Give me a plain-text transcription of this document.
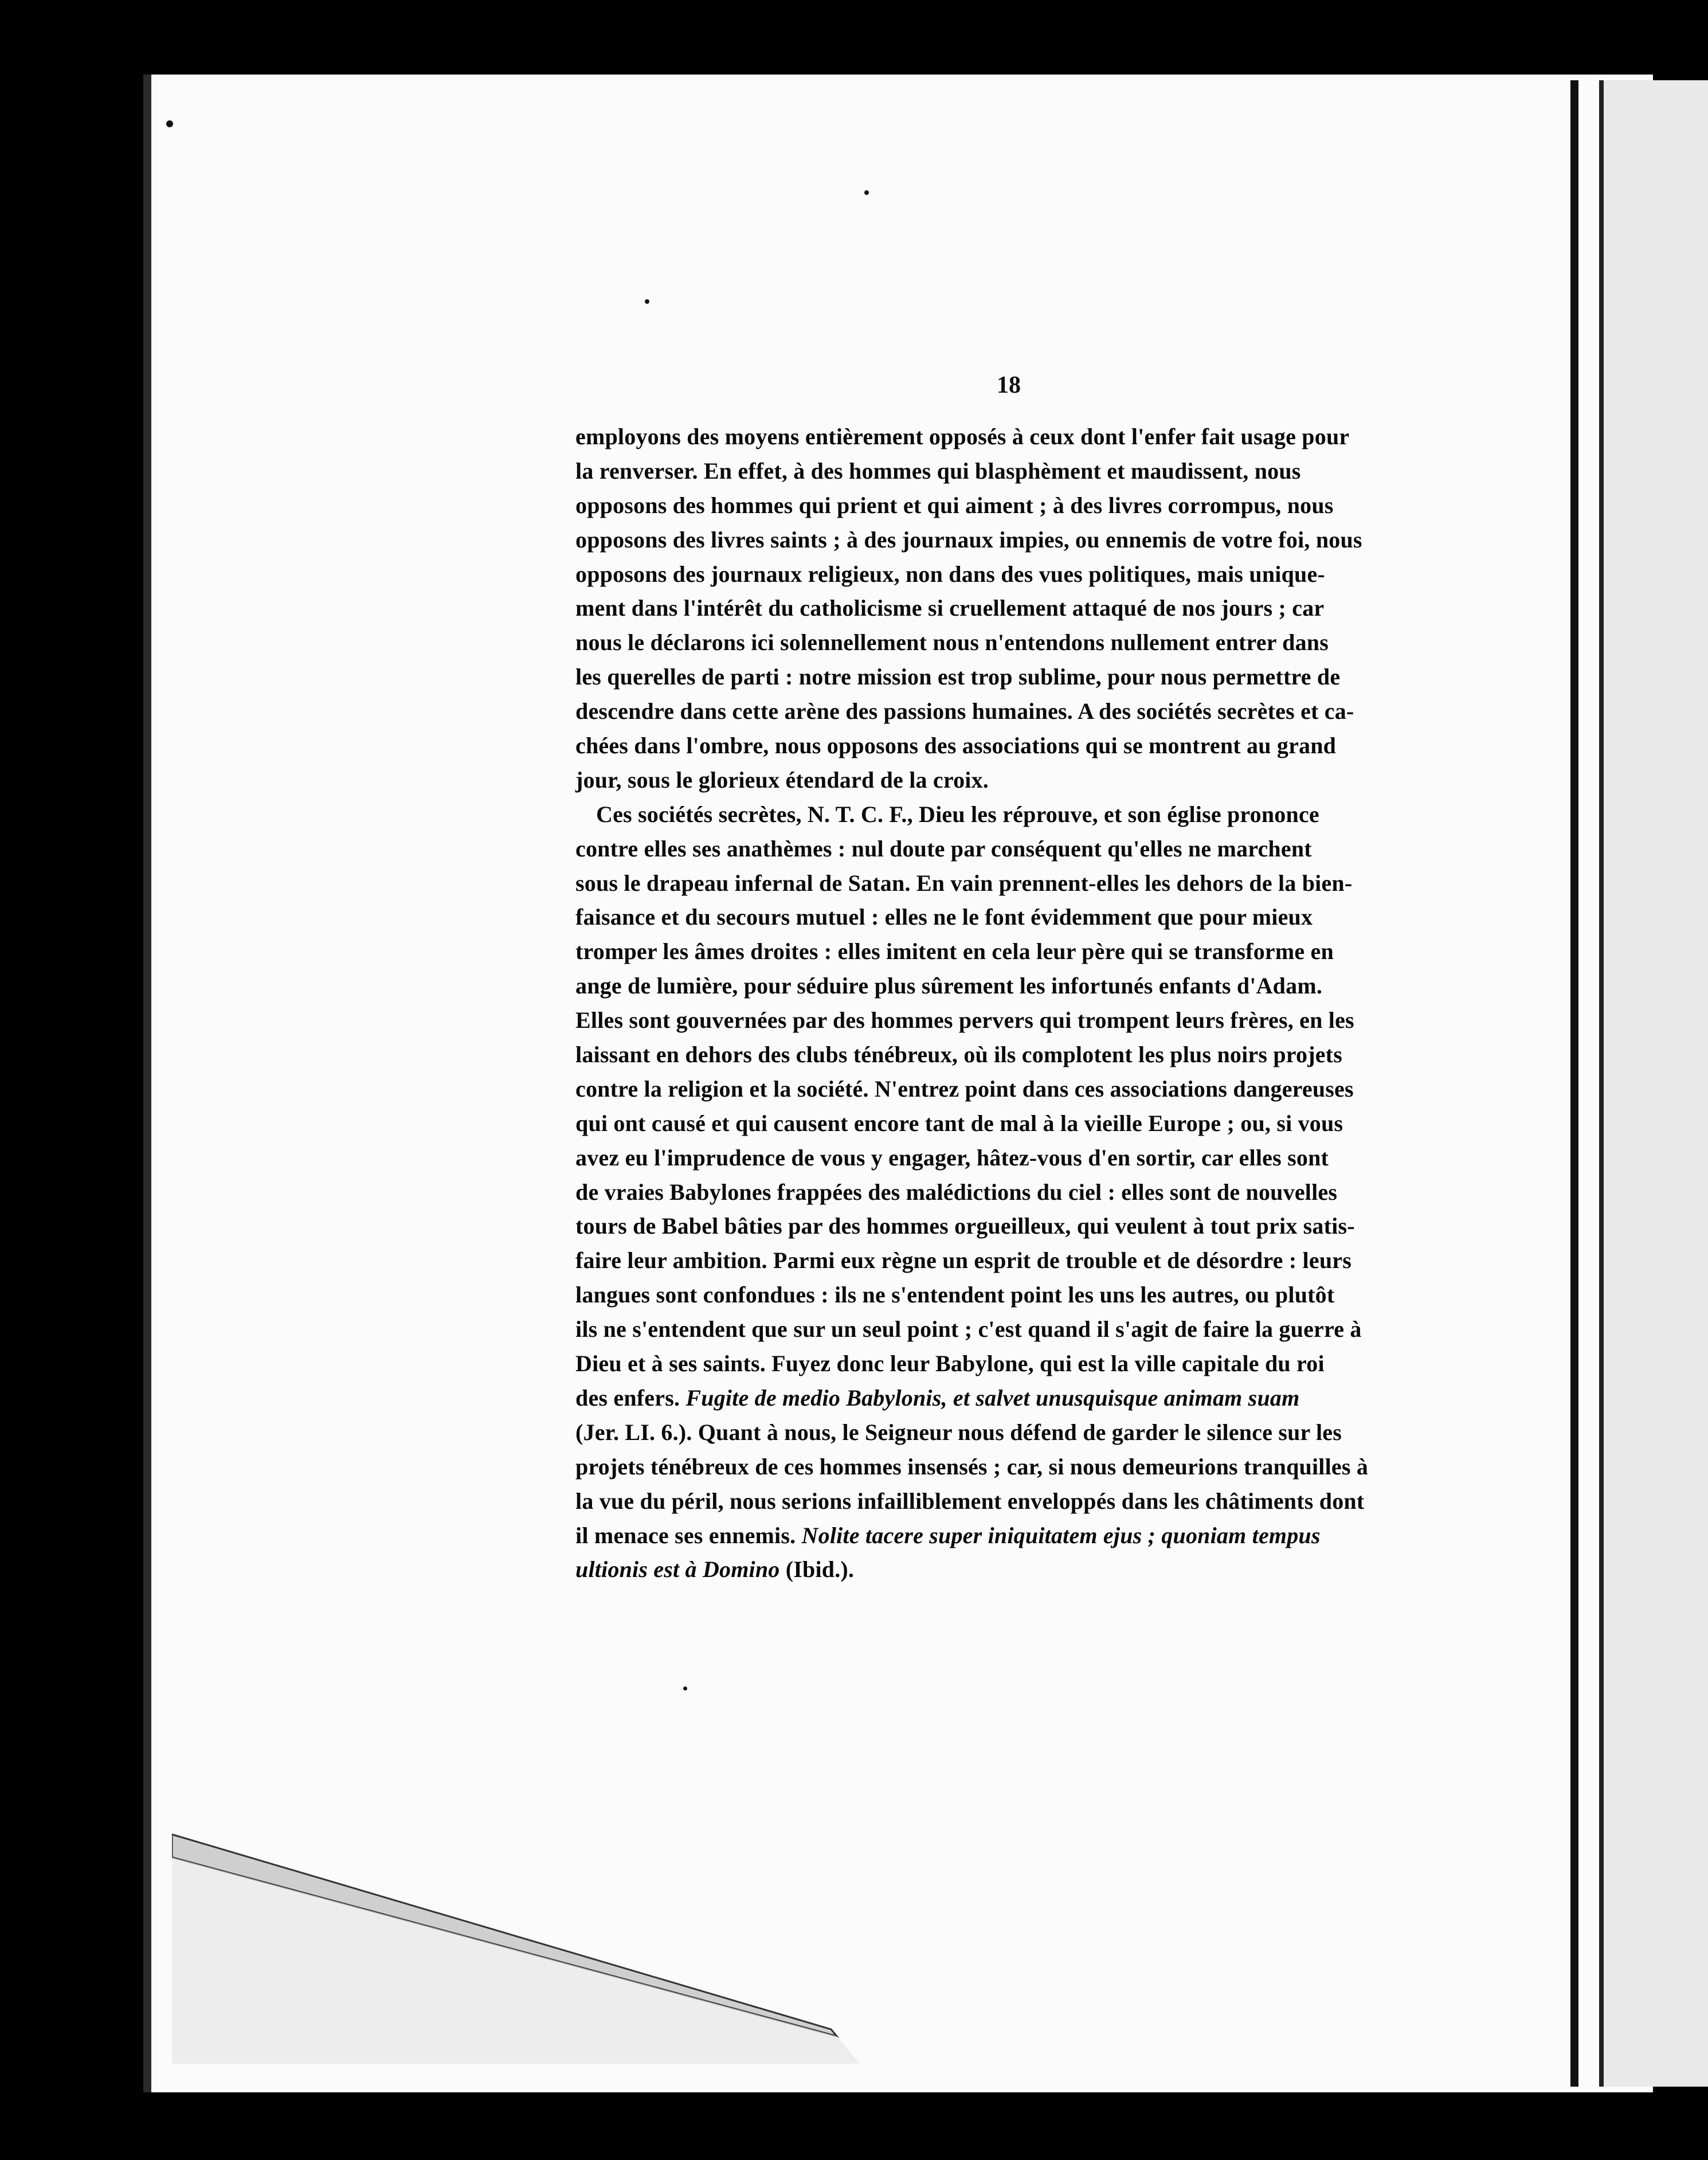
18
employons des moyens entièrement opposés à ceux dont l'enfer fait usage pour
la renverser. En effet, à des hommes qui blasphèment et maudissent, nous
opposons des hommes qui prient et qui aiment ; à des livres corrompus, nous
opposons des livres saints ; à des journaux impies, ou ennemis de votre foi, nous
opposons des journaux religieux, non dans des vues politiques, mais unique-
ment dans l'intérêt du catholicisme si cruellement attaqué de nos jours ; car
nous le déclarons ici solennellement nous n'entendons nullement entrer dans
les querelles de parti : notre mission est trop sublime, pour nous permettre de
descendre dans cette arène des passions humaines. A des sociétés secrètes et ca-
chées dans l'ombre, nous opposons des associations qui se montrent au grand
jour, sous le glorieux étendard de la croix.
Ces sociétés secrètes, N. T. C. F., Dieu les réprouve, et son église prononce
contre elles ses anathèmes : nul doute par conséquent qu'elles ne marchent
sous le drapeau infernal de Satan. En vain prennent-elles les dehors de la bien-
faisance et du secours mutuel : elles ne le font évidemment que pour mieux
tromper les âmes droites : elles imitent en cela leur père qui se transforme en
ange de lumière, pour séduire plus sûrement les infortunés enfants d'Adam.
Elles sont gouvernées par des hommes pervers qui trompent leurs frères, en les
laissant en dehors des clubs ténébreux, où ils complotent les plus noirs projets
contre la religion et la société. N'entrez point dans ces associations dangereuses
qui ont causé et qui causent encore tant de mal à la vieille Europe ; ou, si vous
avez eu l'imprudence de vous y engager, hâtez-vous d'en sortir, car elles sont
de vraies Babylones frappées des malédictions du ciel : elles sont de nouvelles
tours de Babel bâties par des hommes orgueilleux, qui veulent à tout prix satis-
faire leur ambition. Parmi eux règne un esprit de trouble et de désordre : leurs
langues sont confondues : ils ne s'entendent point les uns les autres, ou plutôt
ils ne s'entendent que sur un seul point ; c'est quand il s'agit de faire la guerre à
Dieu et à ses saints. Fuyez donc leur Babylone, qui est la ville capitale du roi
des enfers. Fugite de medio Babylonis, et salvet unusquisque animam suam
(Jer. LI. 6.). Quant à nous, le Seigneur nous défend de garder le silence sur les
projets ténébreux de ces hommes insensés ; car, si nous demeurions tranquilles à
la vue du péril, nous serions infailliblement enveloppés dans les châtiments dont
il menace ses ennemis. Nolite tacere super iniquitatem ejus ; quoniam tempus
ultionis est à Domino (Ibid.).
